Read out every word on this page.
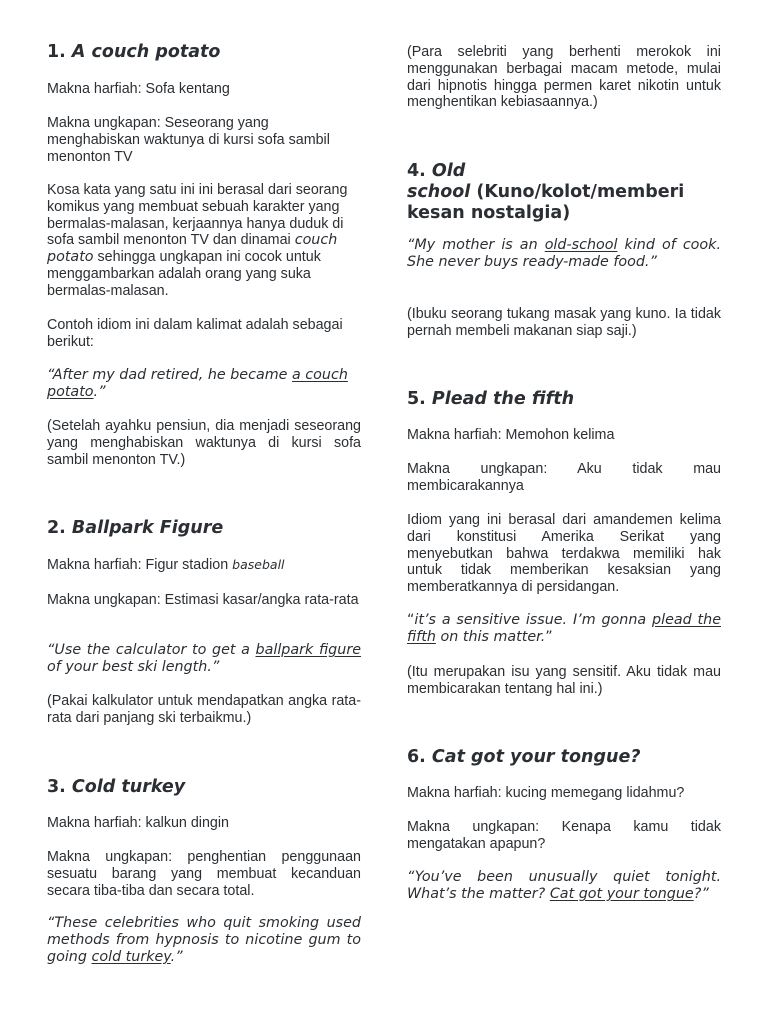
1. A couch potato

Makna harfiah: Sofa kentang

Makna ungkapan: Seseorang yang menghabiskan waktunya di kursi sofa sambil menonton TV

Kosa kata yang satu ini ini berasal dari seorang komikus yang membuat sebuah karakter yang bermalas-malasan, kerjaannya hanya duduk di sofa sambil menonton TV dan dinamai couch potato sehingga ungkapan ini cocok untuk menggambarkan adalah orang yang suka bermalas-malasan.

Contoh idiom ini dalam kalimat adalah sebagai berikut:

“After my dad retired, he became a couch potato.”

(Setelah ayahku pensiun, dia menjadi seseorang yang menghabiskan waktunya di kursi sofa sambil menonton TV.)

2. Ballpark Figure

Makna harfiah: Figur stadion baseball

Makna ungkapan: Estimasi kasar/angka rata-rata

“Use the calculator to get a ballpark figure of your best ski length.”

(Pakai kalkulator untuk mendapatkan angka rata-rata dari panjang ski terbaikmu.)

3. Cold turkey

Makna harfiah: kalkun dingin

Makna ungkapan: penghentian penggunaan sesuatu barang yang membuat kecanduan secara tiba-tiba dan secara total.

“These celebrities who quit smoking used methods from hypnosis to nicotine gum to going cold turkey.”

(Para selebriti yang berhenti merokok ini menggunakan berbagai macam metode, mulai dari hipnotis hingga permen karet nikotin untuk menghentikan kebiasaannya.)

4. Old
school (Kuno/kolot/memberi kesan nostalgia)

“My mother is an old-school kind of cook. She never buys ready-made food.”

(Ibuku seorang tukang masak yang kuno. Ia tidak pernah membeli makanan siap saji.)

5. Plead the fifth

Makna harfiah: Memohon kelima

Makna ungkapan: Aku tidak mau membicarakannya

Idiom yang ini berasal dari amandemen kelima dari konstitusi Amerika Serikat yang menyebutkan bahwa terdakwa memiliki hak untuk tidak memberikan kesaksian yang memberatkannya di persidangan.

“it’s a sensitive issue. I’m gonna plead the fifth on this matter.”

(Itu merupakan isu yang sensitif. Aku tidak mau membicarakan tentang hal ini.)

6. Cat got your tongue?

Makna harfiah: kucing memegang lidahmu?

Makna ungkapan: Kenapa kamu tidak mengatakan apapun?

“You’ve been unusually quiet tonight. What’s the matter? Cat got your tongue?”
